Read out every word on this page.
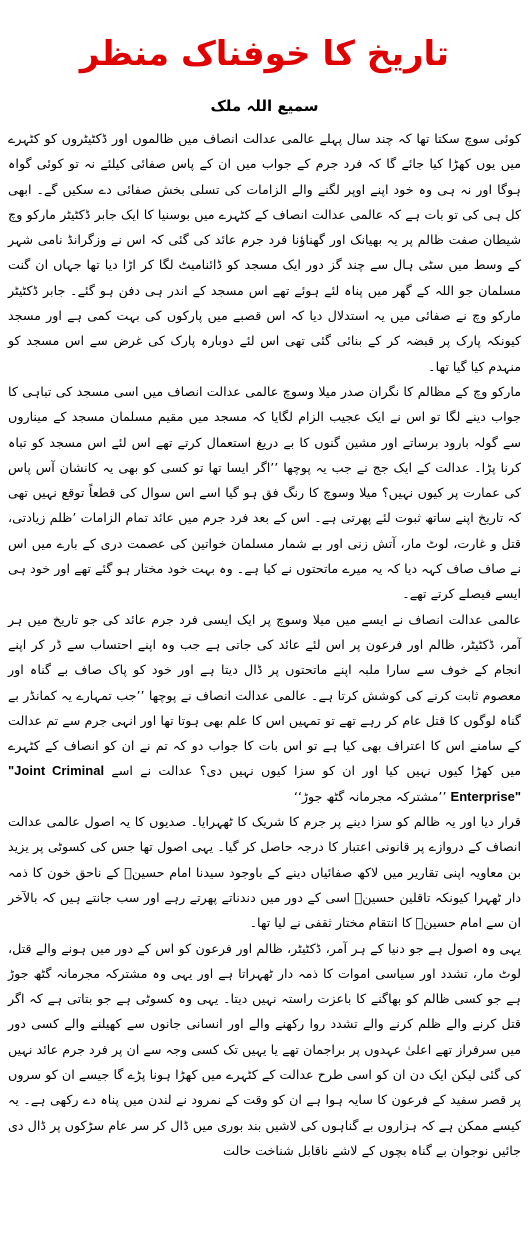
تاریخ کا خوفناک منظر
سمیع اللہ ملک

کوئی سوچ سکتا تھا کہ چند سال پہلے عالمی عدالت انصاف میں ظالموں اور ڈکٹیٹروں کو کٹہرے میں یوں کھڑا کیا جائے گا کہ فرد جرم کے جواب میں ان کے پاس صفائی کیلئے نہ تو کوئی گواہ ہوگا اور نہ ہی وہ خود اپنے اوپر لگنے والے الزامات کی تسلی بخش صفائی دے سکیں گے۔ ابھی کل ہی کی تو بات ہے کہ عالمی عدالت انصاف کے کٹہرے میں بوسنیا کا ایک جابر ڈکٹیٹر مارکو وچ شیطان صفت ظالم پر یہ بھیانک اور گھناؤنا فرد جرم عائد کی گئی کہ اس نے وزگرانڈ نامی شہر کے وسط میں سٹی ہال سے چند گز دور ایک مسجد کو ڈائنامیٹ لگا کر اڑا دیا تھا جہاں ان گنت مسلمان جو اللہ کے گھر میں پناہ لئے ہوئے تھے اس مسجد کے اندر ہی دفن ہو گئے۔ جابر ڈکٹیٹر مارکو وچ نے صفائی میں یہ استدلال دیا کہ اس قصبے میں پارکوں کی بہت کمی ہے اور مسجد کیونکہ پارک پر قبضہ کر کے بنائی گئی تھی اس لئے دوبارہ پارک کی غرض سے اس مسجد کو منہدم کیا گیا تھا۔

مارکو وچ کے مظالم کا نگران صدر میلا وسوچ عالمی عدالت انصاف میں اسی مسجد کی تباہی کا جواب دینے لگا تو اس نے ایک عجیب الزام لگایا کہ مسجد میں مقیم مسلمان مسجد کے میناروں سے گولہ بارود برساتے اور مشین گنوں کا بے دریغ استعمال کرتے تھے اس لئے اس مسجد کو تباہ کرنا پڑا۔ عدالت کے ایک جج نے جب یہ پوچھا ’’اگر ایسا تھا تو کسی کو بھی یہ کانشان آس پاس کی عمارت پر کیوں نہیں؟ میلا وسوچ کا رنگ فق ہو گیا اسے اس سوال کی قطعاً توقع نہیں تھی کہ تاریخ اپنے ساتھ ثبوت لئے پھرتی ہے۔ اس کے بعد فرد جرم میں عائد تمام الزامات ’ظلم زیادتی، قتل و غارت، لوٹ مار، آتش زنی اور بے شمار مسلمان خواتین کی عصمت دری کے بارے میں اس نے صاف صاف کہہ دیا کہ یہ میرے ماتحتوں نے کیا ہے۔ وہ بہت خود مختار ہو گئے تھے اور خود ہی ایسے فیصلے کرتے تھے۔

عالمی عدالت انصاف نے ایسے میں میلا وسوچ پر ایک ایسی فرد جرم عائد کی جو تاریخ میں ہر آمر، ڈکٹیٹر، ظالم اور فرعون پر اس لئے عائد کی جاتی ہے جب وہ اپنے احتساب سے ڈر کر اپنے انجام کے خوف سے سارا ملبہ اپنے ماتحتوں پر ڈال دیتا ہے اور خود کو پاک صاف بے گناہ اور معصوم ثابت کرنے کی کوشش کرتا ہے۔ عالمی عدالت انصاف نے پوچھا ’’جب تمہارے یہ کمانڈر بے گناہ لوگوں کا قتل عام کر رہے تھے تو تمہیں اس کا علم بھی ہوتا تھا اور انہی جرم سے تم عدالت کے سامنے اس کا اعتراف بھی کیا ہے تو اس بات کا جواب دو کہ تم نے ان کو انصاف کے کٹہرے میں کھڑا کیوں نہیں کیا اور ان کو سزا کیوں نہیں دی؟ عدالت نے اسے "Joint Criminal Enterprise" ’’مشترکہ مجرمانہ گٹھ جوڑ‘‘

قرار دیا اور یہ ظالم کو سزا دینے پر جرم کا شریک کا ٹھہرایا۔ صدیوں کا یہ اصول عالمی عدالت انصاف کے دروازے پر قانونی اعتبار کا درجہ حاصل کر گیا۔ یہی اصول تھا جس کی کسوٹی پر یزید بن معاویہ اپنی تقاریر میں لاکھ صفائیاں دینے کے باوجود سیدنا امام حسینؓ کے ناحق خون کا ذمہ دار ٹھہرا کیونکہ تاقلین حسینؓ اسی کے دور میں دندناتے پھرتے رہے اور سب جانتے ہیں کہ بالآخر ان سے امام حسینؓ کا انتقام مختار ثقفی نے لیا تھا۔

یہی وہ اصول ہے جو دنیا کے ہر آمر، ڈکٹیٹر، ظالم اور فرعون کو اس کے دور میں ہونے والے قتل، لوٹ مار، تشدد اور سیاسی اموات کا ذمہ دار ٹھہراتا ہے اور یہی وہ مشترکہ مجرمانہ گٹھ جوڑ ہے جو کسی ظالم کو بھاگنے کا باعزت راستہ نہیں دیتا۔ یہی وہ کسوٹی ہے جو بتاتی ہے کہ اگر قتل کرنے والے ظلم کرنے والے تشدد روا رکھنے والے اور انسانی جانوں سے کھیلنے والے کسی دور میں سرفراز تھے اعلیٰ عہدوں پر براجمان تھے یا یہیں تک کسی وجہ سے ان پر فرد جرم عائد نہیں کی گئی لیکن ایک دن ان کو اسی طرح عدالت کے کٹہرے میں کھڑا ہونا پڑے گا جیسے ان کو سروں پر قصر سفید کے فرعون کا سایہ ہوا ہے ان کو وقت کے نمرود نے لندن میں پناہ دے رکھی ہے۔ یہ کیسے ممکن ہے کہ ہزاروں بے گناہوں کی لاشیں بند بوری میں ڈال کر سر عام سڑکوں پر ڈال دی جائیں نوجوان بے گناہ بچوں کے لاشے ناقابل شناخت حالت
